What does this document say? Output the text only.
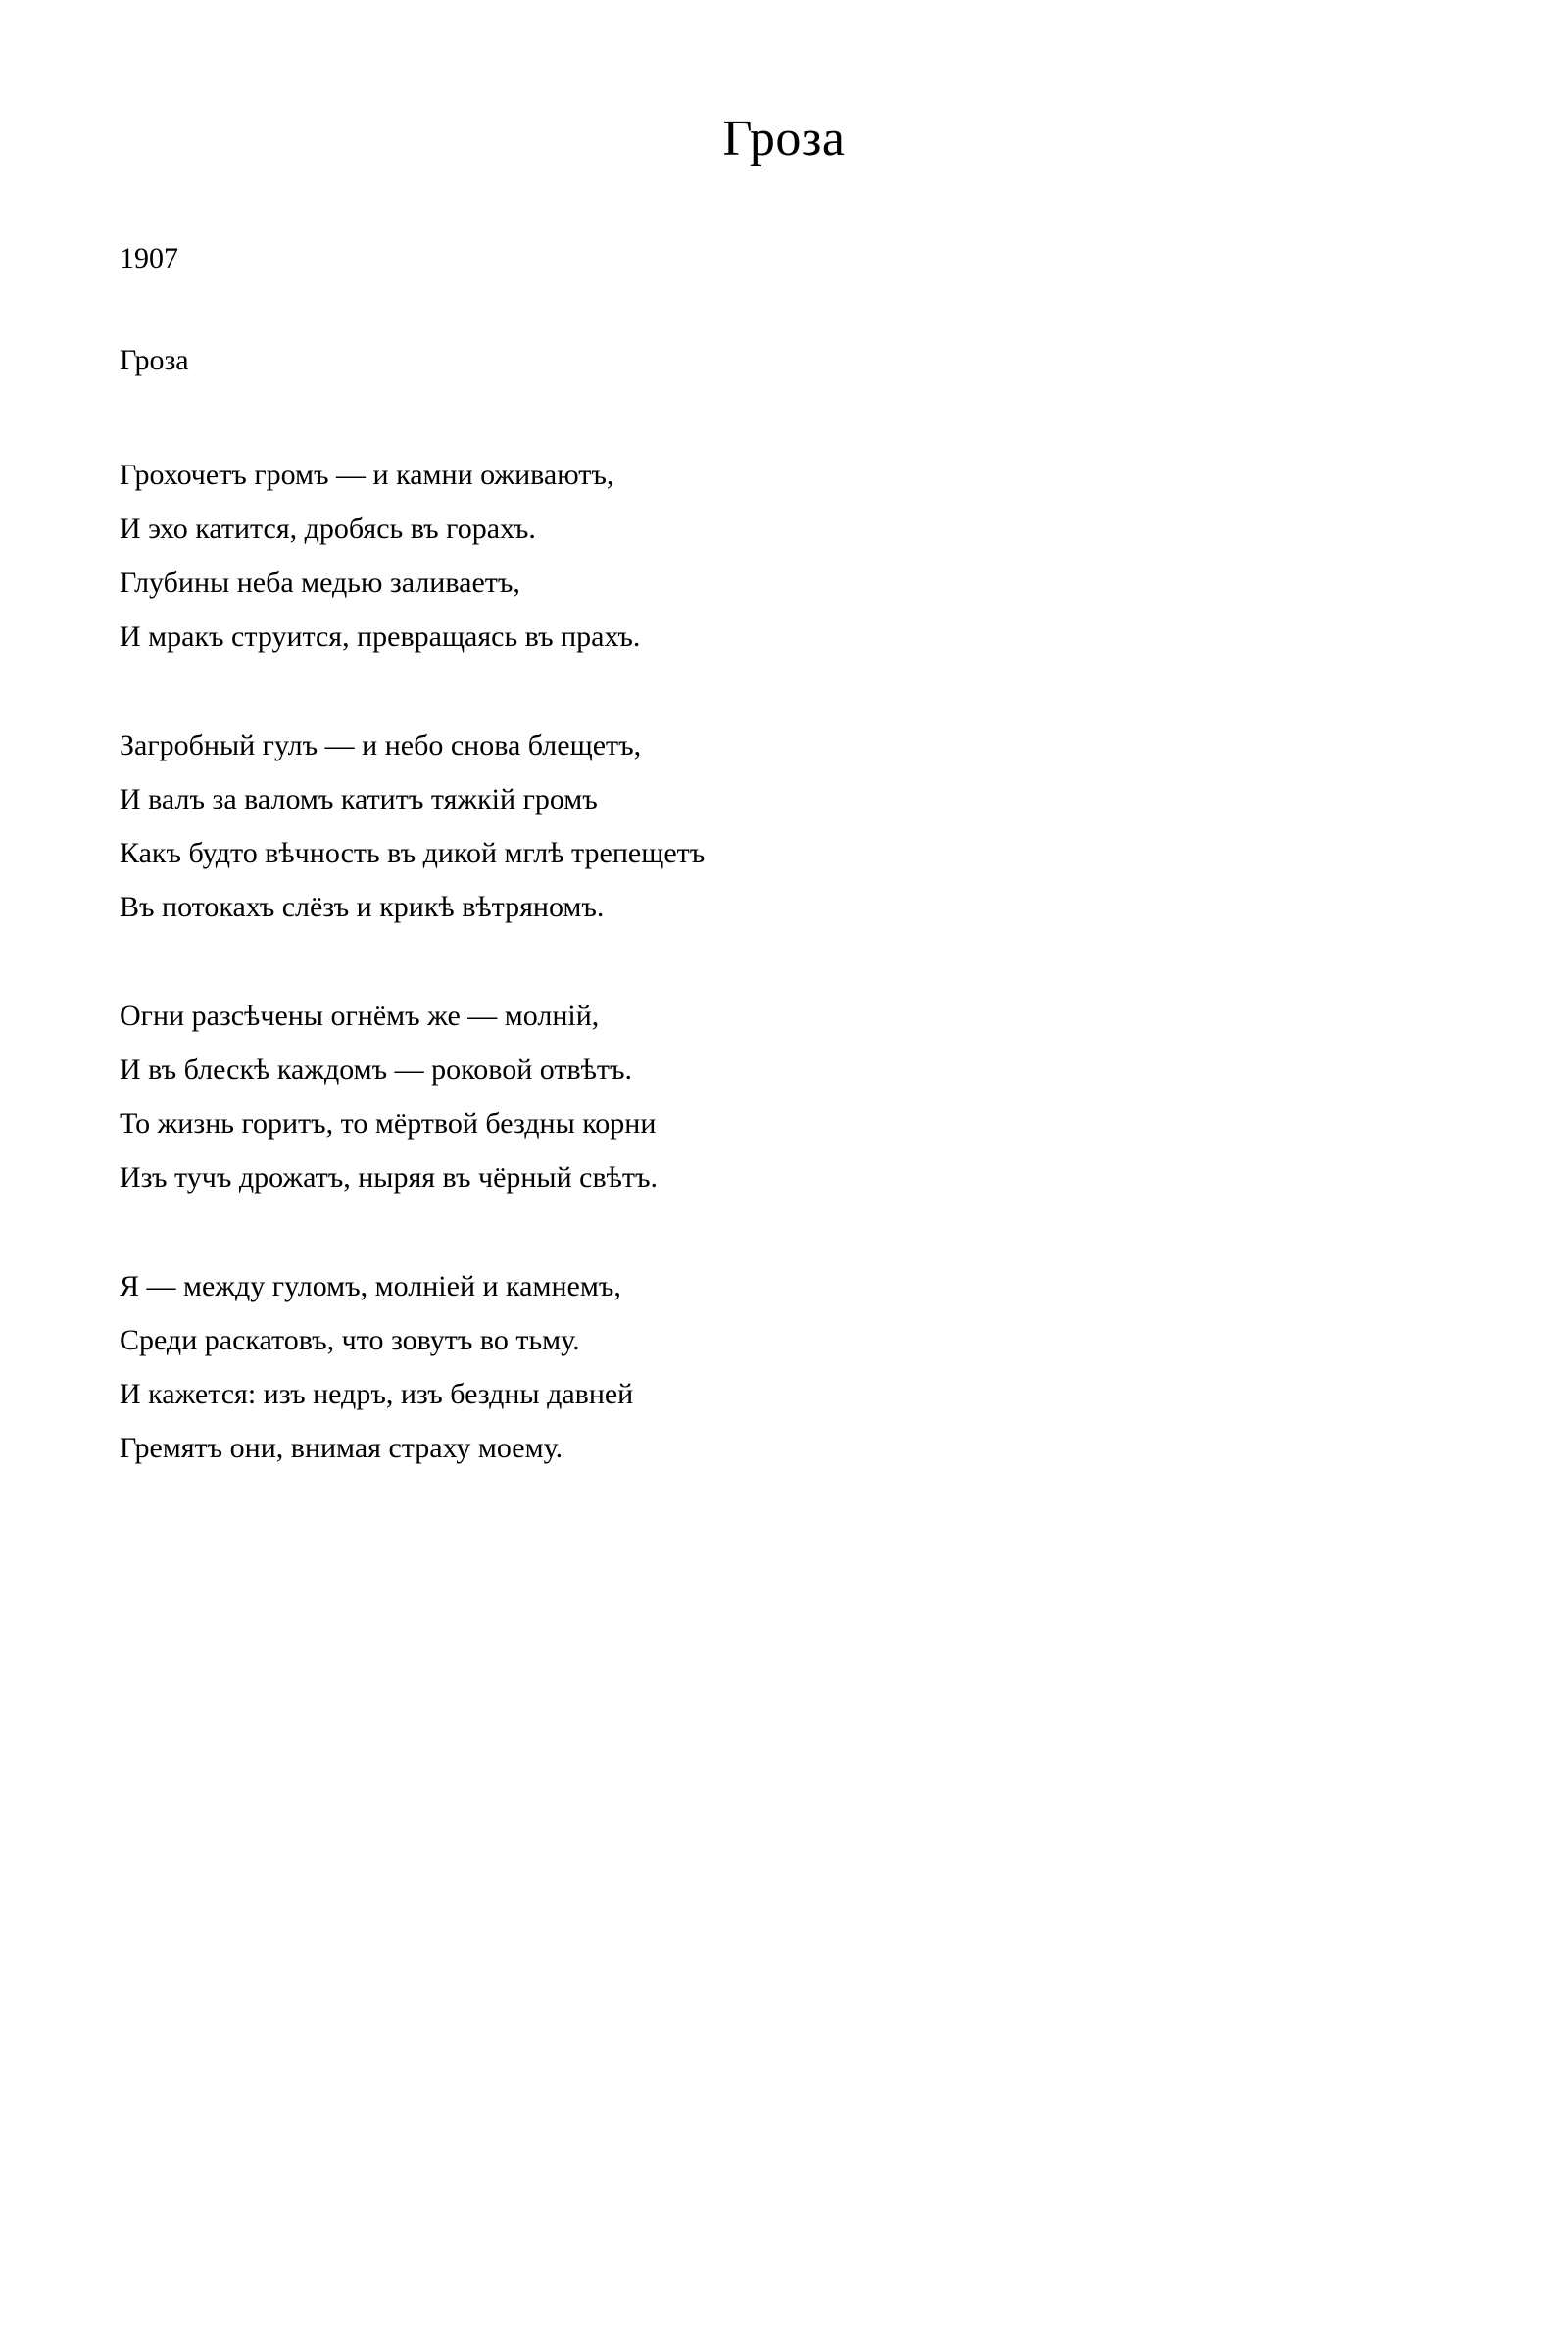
Гроза

1907

Гроза

Грохочетъ громъ — и камни оживаютъ,

И эхо катится, дробясь въ горахъ.

Глубины неба медью заливаетъ,

И мракъ струится, превращаясь въ прахъ.

Загробный гулъ — и небо снова блещетъ,

И валъ за валомъ катитъ тяжкій громъ

Какъ будто вѣчность въ дикой мглѣ трепещетъ

Въ потокахъ слёзъ и крикѣ вѣтряномъ.

Огни разсѣчены огнёмъ же — молній,

И въ блескѣ каждомъ — роковой отвѣтъ.

То жизнь горитъ, то мёртвой бездны корни

Изъ тучъ дрожатъ, ныряя въ чёрный свѣтъ.

Я — между гуломъ, молніей и камнемъ,

Среди раскатовъ, что зовутъ во тьму.

И кажется: изъ недръ, изъ бездны давней

Гремятъ они, внимая страху моему.
